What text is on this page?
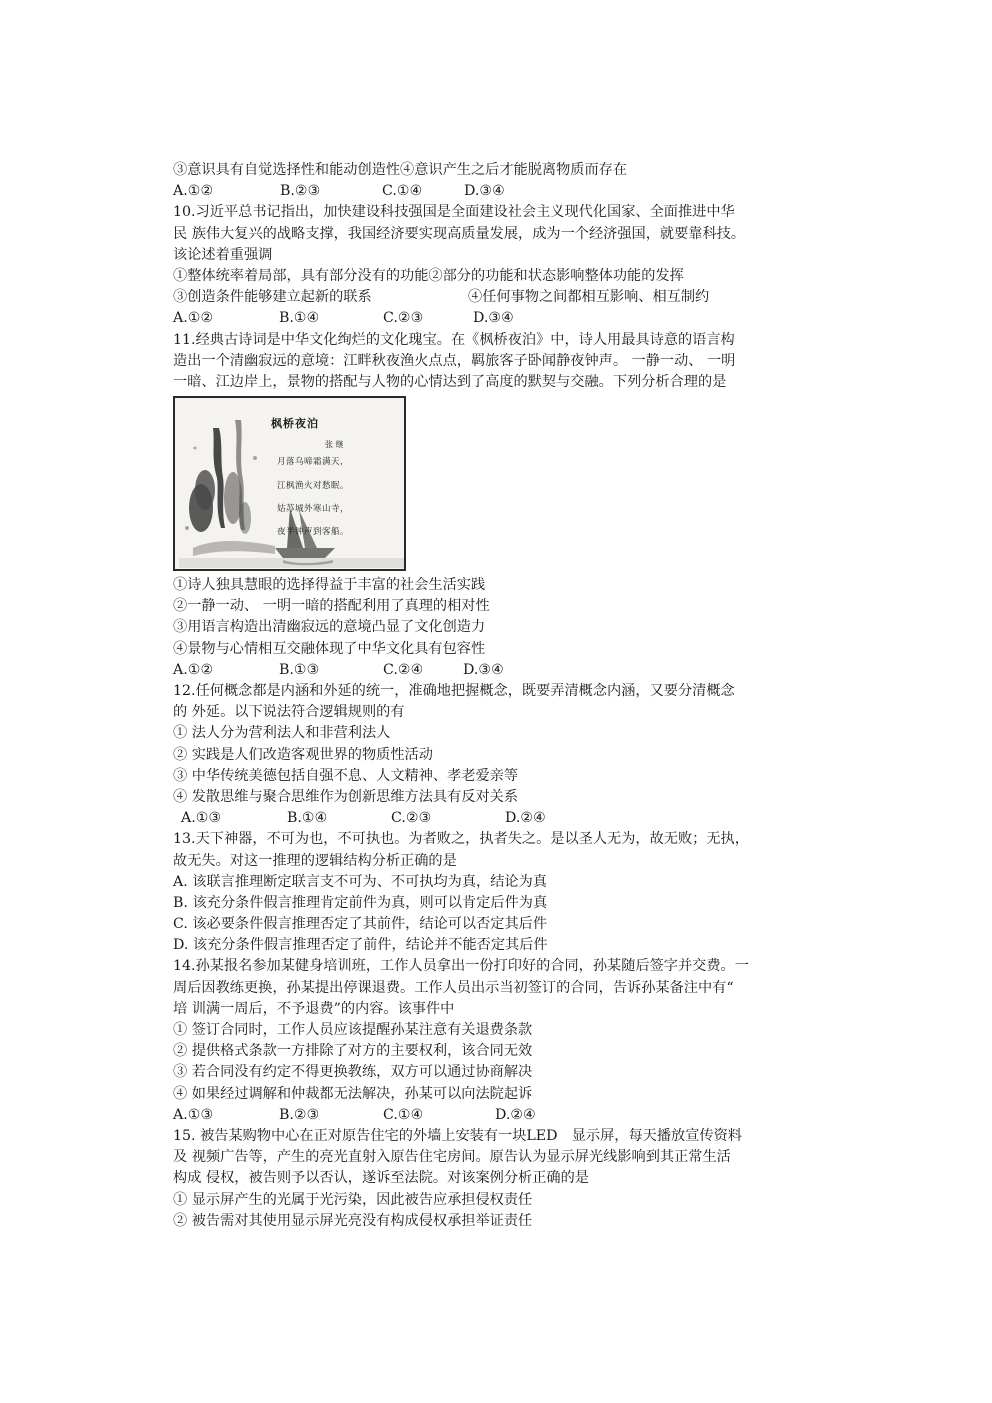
③意识具有自觉选择性和能动创造性④意识产生之后才能脱离物质而存在
A.①②	B.②③	C.①④	D.③④
10.习近平总书记指出，加快建设科技强国是全面建设社会主义现代化国家、全面推进中华
民 族伟大复兴的战略支撑，我国经济要实现高质量发展，成为一个经济强国，就要靠科技。
该论述着重强调
①整体统率着局部，具有部分没有的功能②部分的功能和状态影响整体功能的发挥
③创造条件能够建立起新的联系	④任何事物之间都相互影响、相互制约
A.①②	B.①④	C.②③	D.③④
11.经典古诗词是中华文化绚烂的文化瑰宝。在《枫桥夜泊》中，诗人用最具诗意的语言构
造出一个清幽寂远的意境：江畔秋夜渔火点点，羁旅客子卧闻静夜钟声。 一静一动、 一明
一暗、江边岸上，景物的搭配与人物的心情达到了高度的默契与交融。下列分析合理的是
枫桥夜泊
张 继
月落乌啼霜满天，
江枫渔火对愁眠。
姑苏城外寒山寺，
夜半钟声到客船。
①诗人独具慧眼的选择得益于丰富的社会生活实践
②一静一动、 一明一暗的搭配利用了真理的相对性
③用语言构造出清幽寂远的意境凸显了文化创造力
④景物与心情相互交融体现了中华文化具有包容性
A.①②	B.①③	C.②④	D.③④
12.任何概念都是内涵和外延的统一，准确地把握概念，既要弄清概念内涵，又要分清概念
的 外延。以下说法符合逻辑规则的有
① 法人分为营利法人和非营利法人
② 实践是人们改造客观世界的物质性活动
③ 中华传统美德包括自强不息、人文精神、孝老爱亲等
④ 发散思维与聚合思维作为创新思维方法具有反对关系
A.①③	B.①④	C.②③	D.②④
13.天下神器，不可为也，不可执也。为者败之，执者失之。是以圣人无为，故无败；无执，
故无失。对这一推理的逻辑结构分析正确的是
A. 该联言推理断定联言支不可为、不可执均为真，结论为真
B. 该充分条件假言推理肯定前件为真，则可以肯定后件为真
C. 该必要条件假言推理否定了其前件，结论可以否定其后件
D. 该充分条件假言推理否定了前件，结论并不能否定其后件
14.孙某报名参加某健身培训班，工作人员拿出一份打印好的合同，孙某随后签字并交费。一
周后因教练更换，孙某提出停课退费。工作人员出示当初签订的合同，告诉孙某备注中有“
培 训满一周后，不予退费”的内容。该事件中
① 签订合同时，工作人员应该提醒孙某注意有关退费条款
② 提供格式条款一方排除了对方的主要权利，该合同无效
③ 若合同没有约定不得更换教练，双方可以通过协商解决
④ 如果经过调解和仲裁都无法解决，孙某可以向法院起诉
A.①③	B.②③	C.①④	D.②④
15. 被告某购物中心在正对原告住宅的外墙上安装有一块LED　显示屏，每天播放宣传资料
及 视频广告等，产生的亮光直射入原告住宅房间。原告认为显示屏光线影响到其正常生活
构成 侵权，被告则予以否认，遂诉至法院。对该案例分析正确的是
① 显示屏产生的光属于光污染，因此被告应承担侵权责任
② 被告需对其使用显示屏光亮没有构成侵权承担举证责任
